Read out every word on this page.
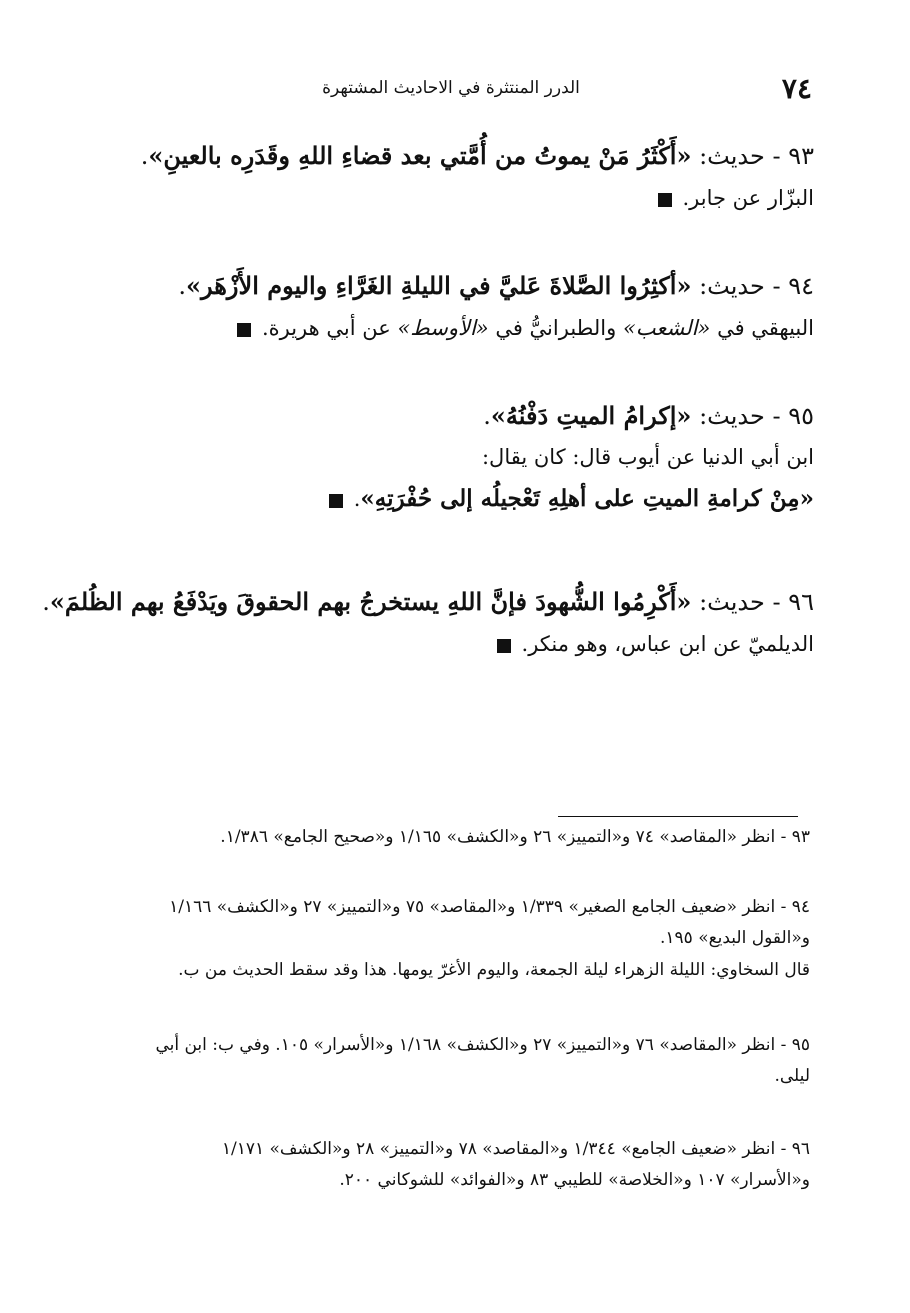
٧٤
الدرر المنتثرة في الاحاديث المشتهرة

٩٣ - حديث: «أَكْثَرُ مَنْ يموتُ من أُمَّتي بعد قضاءِ اللهِ وقَدَرِه بالعينِ».

البزّار عن جابر.

٩٤ - حديث: «أكثِرُوا الصَّلاةَ عَليَّ في الليلةِ الغَرَّاءِ واليوم الأَزْهَر».

البيهقي في «الشعب» والطبرانيُّ في «الأوسط» عن أبي هريرة.

٩٥ - حديث: «إكرامُ الميتِ دَفْنُهُ».

ابن أبي الدنيا عن أيوب قال: كان يقال:

«مِنْ كرامةِ الميتِ على أهلِهِ تَعْجيلُه إلى حُفْرَتِهِ».

٩٦ - حديث: «أَكْرِمُوا الشُّهودَ فإنَّ اللهِ يستخرجُ بهم الحقوقَ ويَدْفَعُ بهم الظُلمَ».

الديلميّ عن ابن عباس، وهو منكر.

٩٣ - انظر «المقاصد» ٧٤ و«التمييز» ٢٦ و«الكشف» ١/١٦٥ و«صحيح الجامع» ١/٣٨٦.

٩٤ - انظر «ضعيف الجامع الصغير» ١/٣٣٩ و«المقاصد» ٧٥ و«التمييز» ٢٧ و«الكشف» ١/١٦٦

و«القول البديع» ١٩٥.

قال السخاوي: الليلة الزهراء ليلة الجمعة، واليوم الأغرّ يومها. هذا وقد سقط الحديث من ب.

٩٥ - انظر «المقاصد» ٧٦ و«التمييز» ٢٧ و«الكشف» ١/١٦٨ و«الأسرار» ١٠٥. وفي ب: ابن أبي

ليلى.

٩٦ - انظر «ضعيف الجامع» ١/٣٤٤ و«المقاصد» ٧٨ و«التمييز» ٢٨ و«الكشف» ١/١٧١

و«الأسرار» ١٠٧ و«الخلاصة» للطيبي ٨٣ و«الفوائد» للشوكاني ٢٠٠.
